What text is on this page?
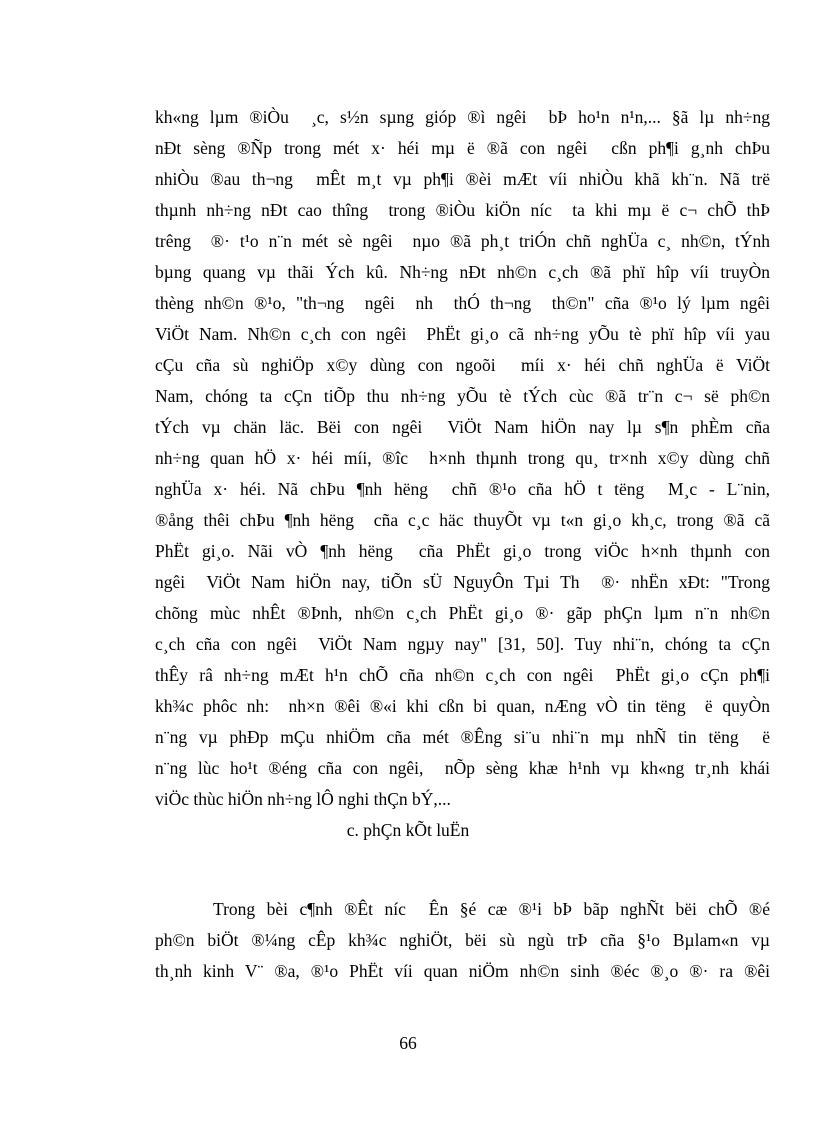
kh«ng lµm ®iÒu  ¸c, s½n sµng gióp ®ì ngêi  bÞ ho¹n n¹n,... §ã lµ nh÷ng
nÐt sèng ®Ñp trong mét x· héi mµ ë ®ã con ngêi  cßn ph¶i g¸nh chÞu
nhiÒu ®au th¬ng  mÊt m¸t vµ ph¶i ®èi mÆt víi nhiÒu khã kh¨n. Nã trë
thµnh nh÷ng nÐt cao thîng  trong ®iÒu kiÖn níc  ta khi mµ ë c¬ chÕ thÞ
trêng  ®· t¹o n¨n mét sè ngêi  nµo ®ã ph¸t triÓn chñ nghÜa c¸ nh©n, tÝnh
bµng quang vµ thãi Ých kû. Nh÷ng nÐt nh©n c¸ch ®ã phï hîp víi truyÒn
thèng nh©n ®¹o, "th¬ng  ngêi  nh  thÓ th¬ng  th©n" cña ®¹o lý lµm ngêi
ViÖt Nam. Nh©n c¸ch con ngêi  PhËt gi¸o cã nh÷ng yÕu tè phï hîp víi yau
cÇu cña sù nghiÖp x©y dùng con ngoõi  míi x· héi chñ nghÜa ë ViÖt
Nam, chóng ta cÇn tiÕp thu nh÷ng yÕu tè tÝch cùc ®ã tr¨n c¬ së ph©n
tÝch vµ chän läc. Bëi con ngêi  ViÖt Nam hiÖn nay lµ s¶n phÈm cña
nh÷ng quan hÖ x· héi míi, ®îc  h×nh thµnh trong qu¸ tr×nh x©y dùng chñ
nghÜa x· héi. Nã chÞu ¶nh hëng  chñ ®¹o cña hÖ t tëng  M¸c - L¨nin,
®ång thêi chÞu ¶nh hëng  cña c¸c häc thuyÕt vµ t«n gi¸o kh¸c, trong ®ã cã
PhËt gi¸o. Nãi vÒ ¶nh hëng  cña PhËt gi¸o trong viÖc h×nh thµnh con
ngêi  ViÖt Nam hiÖn nay, tiÕn sÜ NguyÔn Tµi Th  ®· nhËn xÐt: "Trong
chõng mùc nhÊt ®Þnh, nh©n c¸ch PhËt gi¸o ®· gãp phÇn lµm n¨n nh©n
c¸ch cña con ngêi  ViÖt Nam ngµy nay" [31, 50]. Tuy nhi¨n, chóng ta cÇn
thÊy râ nh÷ng mÆt h¹n chÕ cña nh©n c¸ch con ngêi  PhËt gi¸o cÇn ph¶i
kh¾c phôc nh:  nh×n ®êi ®«i khi cßn bi quan, nÆng vÒ tin tëng  ë quyÒn
n¨ng vµ phÐp mÇu nhiÖm cña mét ®Êng si¨u nhi¨n mµ nhÑ tin tëng  ë
n¨ng lùc ho¹t ®éng cña con ngêi,  nÕp sèng khæ h¹nh vµ kh«ng tr¸nh khái
viÖc thùc hiÖn nh÷ng lÔ nghi thÇn bÝ,...
c. phÇn kÕt luËn
Trong bèi c¶nh ®Êt níc  Ên §é cæ ®¹i bÞ bãp nghÑt bëi chÕ ®é
ph©n biÖt ®¼ng cÊp kh¾c nghiÖt, bëi sù ngù trÞ cña §¹o Bµlam«n vµ
th¸nh kinh V¨ ®a, ®¹o PhËt víi quan niÖm nh©n sinh ®éc ®¸o ®· ra ®êi
66
